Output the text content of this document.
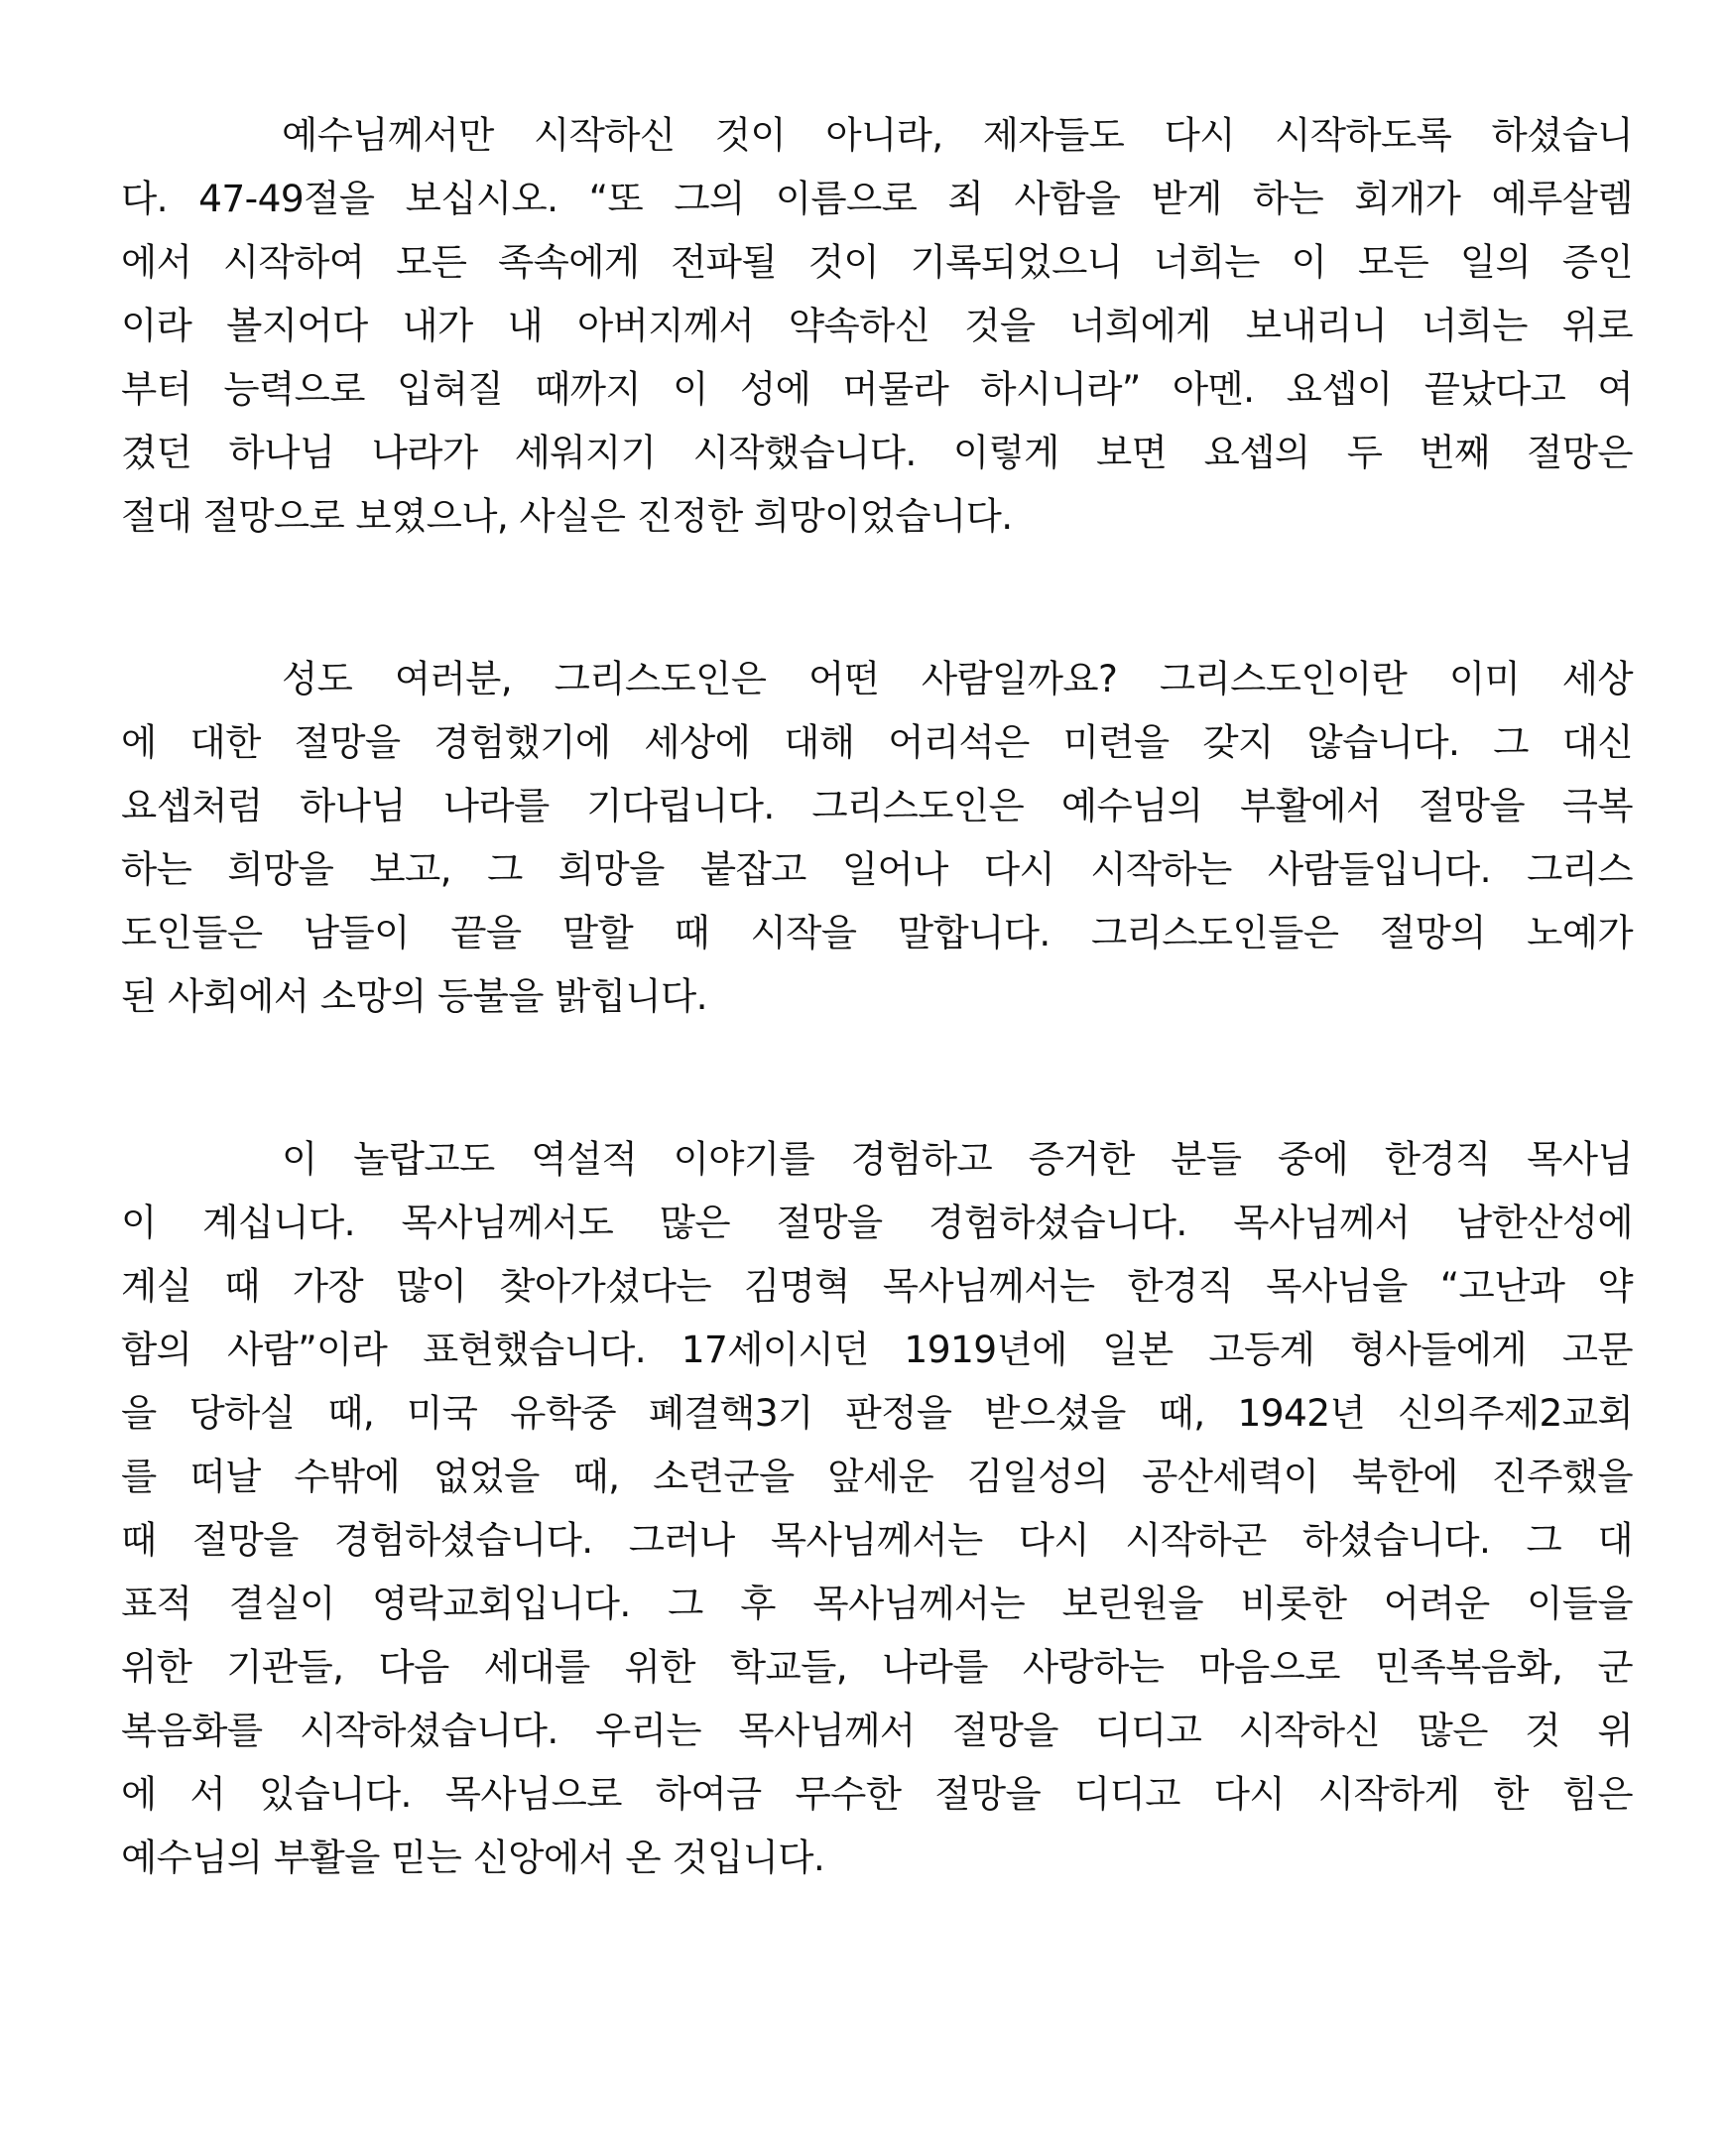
예수님께서만 시작하신 것이 아니라, 제자들도 다시 시작하도록 하셨습니
다. 47-49절을 보십시오. “또 그의 이름으로 죄 사함을 받게 하는 회개가 예루살렘
에서 시작하여 모든 족속에게 전파될 것이 기록되었으니 너희는 이 모든 일의 증인
이라 볼지어다 내가 내 아버지께서 약속하신 것을 너희에게 보내리니 너희는 위로
부터 능력으로 입혀질 때까지 이 성에 머물라 하시니라” 아멘. 요셉이 끝났다고 여
겼던 하나님 나라가 세워지기 시작했습니다. 이렇게 보면 요셉의 두 번째 절망은
절대 절망으로 보였으나, 사실은 진정한 희망이었습니다.

성도 여러분, 그리스도인은 어떤 사람일까요? 그리스도인이란 이미 세상
에 대한 절망을 경험했기에 세상에 대해 어리석은 미련을 갖지 않습니다. 그 대신
요셉처럼 하나님 나라를 기다립니다. 그리스도인은 예수님의 부활에서 절망을 극복
하는 희망을 보고, 그 희망을 붙잡고 일어나 다시 시작하는 사람들입니다. 그리스
도인들은 남들이 끝을 말할 때 시작을 말합니다. 그리스도인들은 절망의 노예가
된 사회에서 소망의 등불을 밝힙니다.

이 놀랍고도 역설적 이야기를 경험하고 증거한 분들 중에 한경직 목사님
이 계십니다. 목사님께서도 많은 절망을 경험하셨습니다. 목사님께서 남한산성에
계실 때 가장 많이 찾아가셨다는 김명혁 목사님께서는 한경직 목사님을 “고난과 약
함의 사람”이라 표현했습니다. 17세이시던 1919년에 일본 고등계 형사들에게 고문
을 당하실 때, 미국 유학중 폐결핵3기 판정을 받으셨을 때, 1942년 신의주제2교회
를 떠날 수밖에 없었을 때, 소련군을 앞세운 김일성의 공산세력이 북한에 진주했을
때 절망을 경험하셨습니다. 그러나 목사님께서는 다시 시작하곤 하셨습니다. 그 대
표적 결실이 영락교회입니다. 그 후 목사님께서는 보린원을 비롯한 어려운 이들을
위한 기관들, 다음 세대를 위한 학교들, 나라를 사랑하는 마음으로 민족복음화, 군
복음화를 시작하셨습니다. 우리는 목사님께서 절망을 디디고 시작하신 많은 것 위
에 서 있습니다. 목사님으로 하여금 무수한 절망을 디디고 다시 시작하게 한 힘은
예수님의 부활을 믿는 신앙에서 온 것입니다.
